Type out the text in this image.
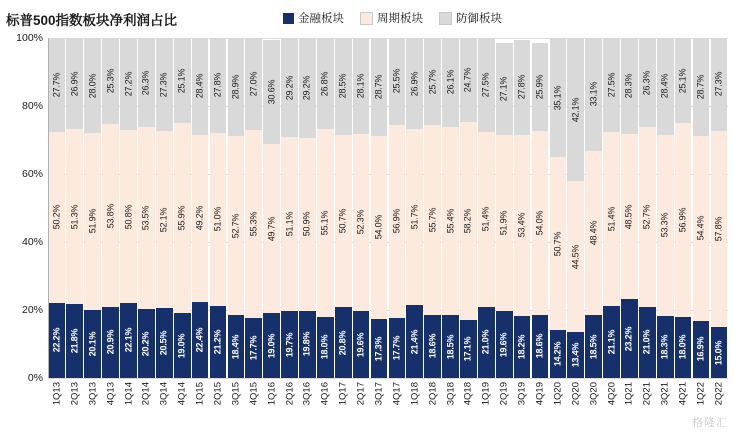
标普500指数板块净利润占比	金融板块	周期板块	防御板块
0%
20%
40%
60%
80%
100%
27.7%
50.2%
22.2%
26.9%
51.3%
21.8%
28.0%
51.9%
20.1%
25.3%
53.8%
20.9%
27.2%
50.8%
22.1%
26.3%
53.5%
20.2%
27.3%
52.1%
20.5%
25.1%
55.9%
19.0%
28.4%
49.2%
22.4%
27.8%
51.0%
21.2%
28.9%
52.7%
18.4%
27.0%
55.3%
17.7%
30.6%
49.7%
19.0%
29.2%
51.1%
19.7%
29.2%
50.9%
19.8%
26.8%
55.1%
18.0%
28.5%
50.7%
20.8%
28.1%
52.3%
19.6%
28.7%
54.0%
17.3%
25.5%
56.9%
17.7%
26.9%
51.7%
21.4%
25.7%
55.7%
18.6%
26.1%
55.4%
18.5%
24.7%
58.2%
17.1%
27.5%
51.4%
21.0%
27.1%
51.9%
19.6%
27.8%
53.4%
18.2%
25.9%
54.0%
18.6%
35.1%
50.7%
14.2%
42.1%
44.5%
13.4%
33.1%
48.4%
18.5%
27.5%
51.4%
21.1%
28.3%
48.5%
23.2%
26.3%
52.7%
21.0%
28.4%
53.3%
18.3%
25.1%
56.9%
18.0%
28.7%
54.4%
16.9%
27.3%
57.8%
15.0%
1Q13 2Q13 3Q13 4Q13 1Q14 2Q14 3Q14 4Q14 1Q15 2Q15 3Q15 4Q15 1Q16 2Q16 3Q16 4Q16 1Q17 2Q17 3Q17 4Q17 1Q18 2Q18 3Q18 4Q18 1Q19 2Q19 3Q19 4Q19 1Q20 2Q20 3Q20 4Q20 1Q21 2Q21 3Q21 4Q21 1Q22 2Q22
格隆汇
